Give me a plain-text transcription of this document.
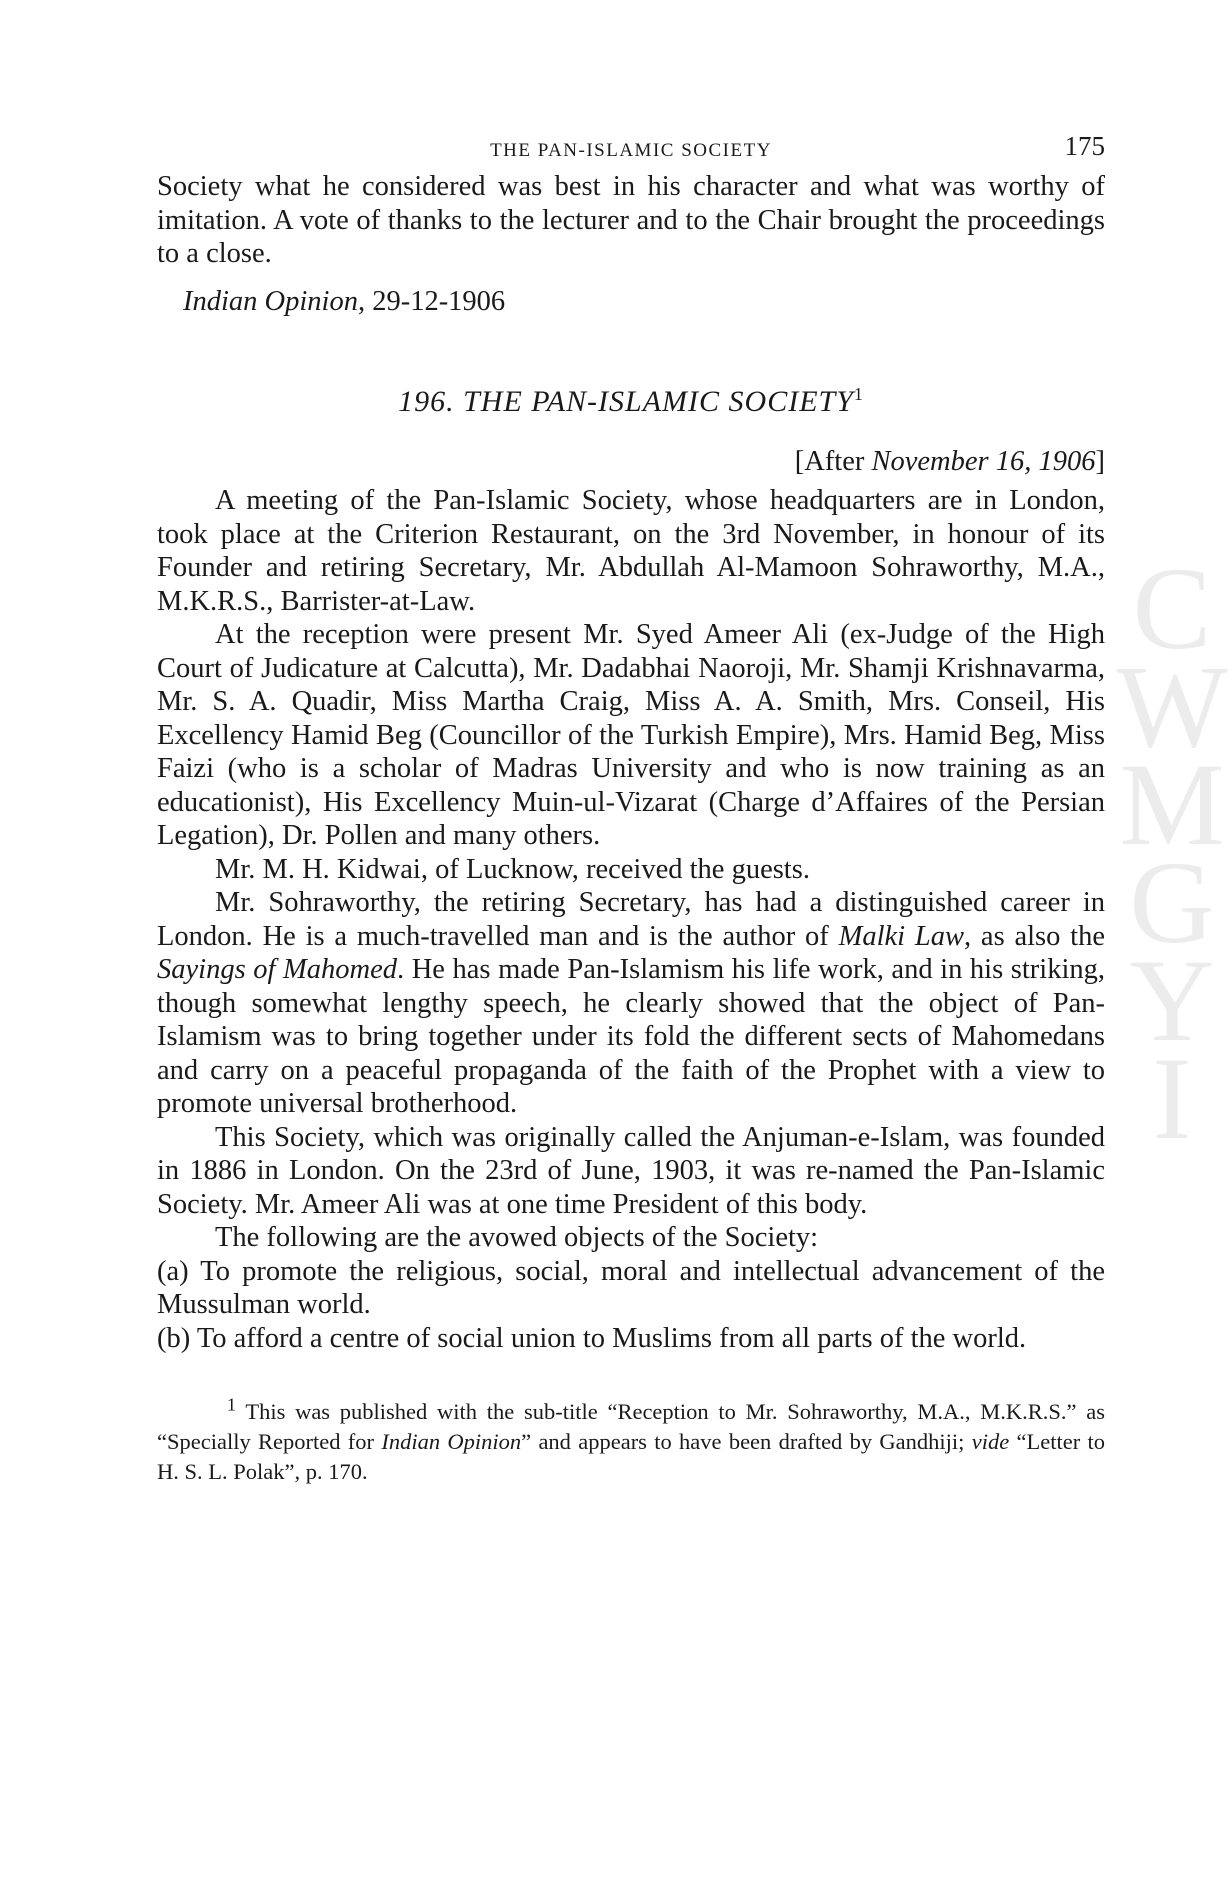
CWMG YI
THE PAN-ISLAMIC SOCIETY	175

Society what he considered was best in his character and what was worthy of imitation. A vote of thanks to the lecturer and to the Chair brought the proceedings to a close.

Indian Opinion, 29-12-1906

196. THE PAN-ISLAMIC SOCIETY$^1$

[After November 16, 1906]

A meeting of the Pan-Islamic Society, whose headquarters are in London, took place at the Criterion Restaurant, on the 3rd November, in honour of its Founder and retiring Secretary, Mr. Abdullah Al-Mamoon Sohraworthy, M.A., M.K.R.S., Barrister-at-Law.

At the reception were present Mr. Syed Ameer Ali (ex-Judge of the High Court of Judicature at Calcutta), Mr. Dadabhai Naoroji, Mr. Shamji Krishnavarma, Mr. S. A. Quadir, Miss Martha Craig, Miss A. A. Smith, Mrs. Conseil, His Excellency Hamid Beg (Councillor of the Turkish Empire), Mrs. Hamid Beg, Miss Faizi (who is a scholar of Madras University and who is now training as an educationist), His Excellency Muin-ul-Vizarat (Charge d’Affaires of the Persian Legation), Dr. Pollen and many others.

Mr. M. H. Kidwai, of Lucknow, received the guests.

Mr. Sohraworthy, the retiring Secretary, has had a distinguished career in London. He is a much-travelled man and is the author of Malki Law, as also the Sayings of Mahomed. He has made Pan-Islamism his life work, and in his striking, though somewhat lengthy speech, he clearly showed that the object of Pan-Islamism was to bring together under its fold the different sects of Mahomedans and carry on a peaceful propaganda of the faith of the Prophet with a view to promote universal brotherhood.

This Society, which was originally called the Anjuman-e-Islam, was founded in 1886 in London. On the 23rd of June, 1903, it was re-named the Pan-Islamic Society. Mr. Ameer Ali was at one time President of this body.

The following are the avowed objects of the Society:

(a) To promote the religious, social, moral and intellectual advancement of the Mussulman world.

(b) To afford a centre of social union to Muslims from all parts of the world.

$^1$ This was published with the sub-title “Reception to Mr. Sohraworthy, M.A., M.K.R.S.” as “Specially Reported for Indian Opinion” and appears to have been drafted by Gandhiji; vide “Letter to H. S. L. Polak”, p. 170.
